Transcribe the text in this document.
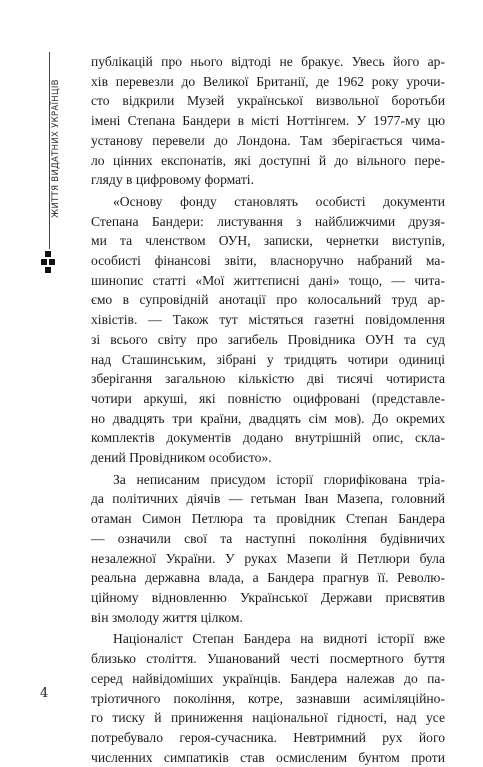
ЖИТТЯ ВИДАТНИХ УКРАЇНЦІВ
4

публікацій про нього відтоді не бракує. Увесь його ар-

хів перевезли до Великої Британії, де 1962 року урочи-

сто відкрили Музей української визвольної боротьби

імені Степана Бандери в місті Ноттінгем. У 1977-му цю

установу перевели до Лондона. Там зберігається чима-

ло цінних експонатів, які доступні й до вільного пере-

гляду в цифровому форматі.

«Основу фонду становлять особисті документи

Степана Бандери: листування з найближчими друзя-

ми та членством ОУН, записки, чернетки виступів,

особисті фінансові звіти, власноручно набраний ма-

шинопис статті «Мої життєписні дані» тощо, — чита-

ємо в супровідній анотації про колосальний труд ар-

хівістів. — Також тут містяться газетні повідомлення

зі всього світу про загибель Провідника ОУН та суд

над Сташинським, зібрані у тридцять чотири одиниці

зберігання загальною кількістю дві тисячі чотириста

чотири аркуші, які повністю оцифровані (представле-

но двадцять три країни, двадцять сім мов). До окремих

комплектів документів додано внутрішній опис, скла-

дений Провідником особисто».

За неписаним присудом історії глорифікована тріа-

да політичних діячів — гетьман Іван Мазепа, головний

отаман Симон Петлюра та провідник Степан Бандера

— означили свої та наступні покоління будівничих

незалежної України. У руках Мазепи й Петлюри була

реальна державна влада, а Бандера прагнув її. Револю-

ційному відновленню Української Держави присвятив

він змолоду життя цілком.

Націоналіст Степан Бандера на видноті історії вже

близько століття. Ушанований честі посмертного буття

серед найвідоміших українців. Бандера належав до па-

тріотичного покоління, котре, зазнавши асиміляційно-

го тиску й приниження національної гідності, над усе

потребувало героя-сучасника. Невтримний рух його

численних симпатиків став осмисленим бунтом проти
